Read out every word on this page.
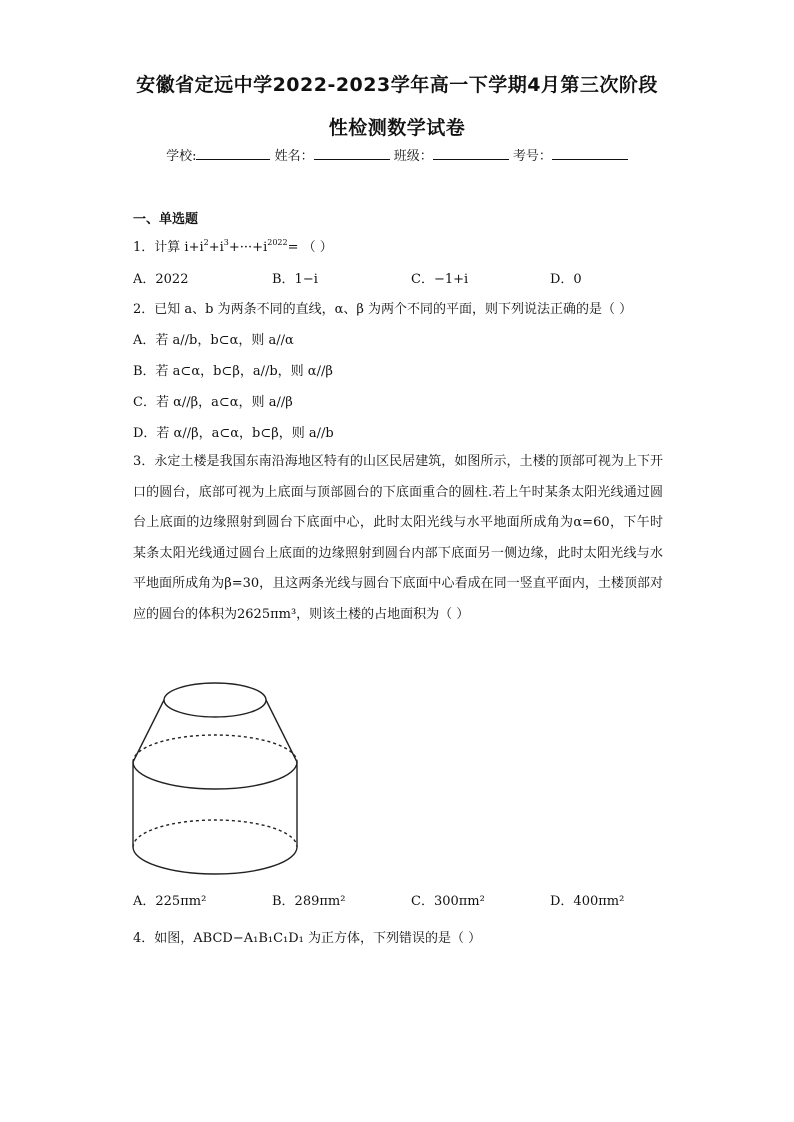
安徽省定远中学2022-2023学年高一下学期4月第三次阶段
性检测数学试卷
学校:	姓名：	班级：	考号：
一、单选题
1．计算 $i+i^2+i^3+\cdot\cdot\cdot+i^{2022}=$ （ ）
A．2022	B．1−i	C．−1+i	D．0
2．已知 a、b 为两条不同的直线，α、β 为两个不同的平面，则下列说法正确的是（ ）
A．若 a//b，b⊂α，则 a//α
B．若 a⊂α，b⊂β，a//b，则 α//β
C．若 α//β，a⊂α，则 a//β
D．若 α//β，a⊂α，b⊂β，则 a//b
3．永定土楼是我国东南沿海地区特有的山区民居建筑，如图所示，土楼的顶部可视为上下开口的圆台，底部可视为上底面与顶部圆台的下底面重合的圆柱.若上午时某条太阳光线通过圆台上底面的边缘照射到圆台下底面中心，此时太阳光线与水平地面所成角为α=60，下午时某条太阳光线通过圆台上底面的边缘照射到圆台内部下底面另一侧边缘，此时太阳光线与水平地面所成角为β=30，且这两条光线与圆台下底面中心看成在同一竖直平面内，土楼顶部对应的圆台的体积为2625πm³，则该土楼的占地面积为（ ）
A．225πm²	B．289πm²	C．300πm²	D．400πm²
4．如图，ABCD−A₁B₁C₁D₁ 为正方体，下列错误的是（ ）
